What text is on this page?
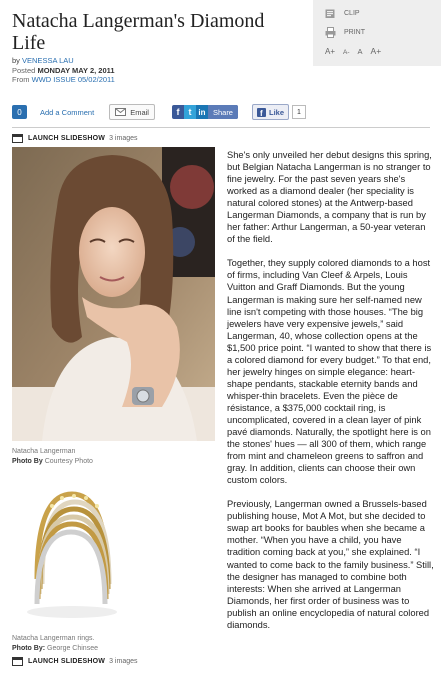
Natacha Langerman's Diamond Life
by VENESSA LAU
Posted MONDAY MAY 2, 2011
From WWD ISSUE 05/02/2011
CLIP
PRINT
A+ A- A A+
0	Add a Comment	Email	f	t in Share	f Like	1
LAUNCH SLIDESHOW 3 images
Natacha Langerman
Photo By Courtesy Photo
Natacha Langerman rings.
Photo By: George Chinsee
LAUNCH SLIDESHOW 3 images

She's only unveiled her debut designs this spring, but Belgian Natacha Langerman is no stranger to fine jewelry. For the past seven years she's worked as a diamond dealer (her speciality is natural colored stones) at the Antwerp-based Langerman Diamonds, a company that is run by her father: Arthur Langerman, a 50-year veteran of the field.

Together, they supply colored diamonds to a host of firms, including Van Cleef & Arpels, Louis Vuitton and Graff Diamonds. But the young Langerman is making sure her self-named new line isn't competing with those houses. “The big jewelers have very expensive jewels,” said Langerman, 40, whose collection opens at the $1,500 price point. “I wanted to show that there is a colored diamond for every budget.” To that end, her jewelry hinges on simple elegance: heart-shape pendants, stackable eternity bands and whisper-thin bracelets. Even the pièce de résistance, a $375,000 cocktail ring, is uncomplicated, covered in a clean layer of pink pavé diamonds. Naturally, the spotlight here is on the stones' hues — all 300 of them, which range from mint and chameleon greens to saffron and gray. In addition, clients can choose their own custom colors.

Previously, Langerman owned a Brussels-based publishing house, Mot A Mot, but she decided to swap art books for baubles when she became a mother. “When you have a child, you have tradition coming back at you,” she explained. “I wanted to come back to the family business.” Still, the designer has managed to combine both interests: When she arrived at Langerman Diamonds, her first order of business was to publish an online encyclopedia of natural colored diamonds.
